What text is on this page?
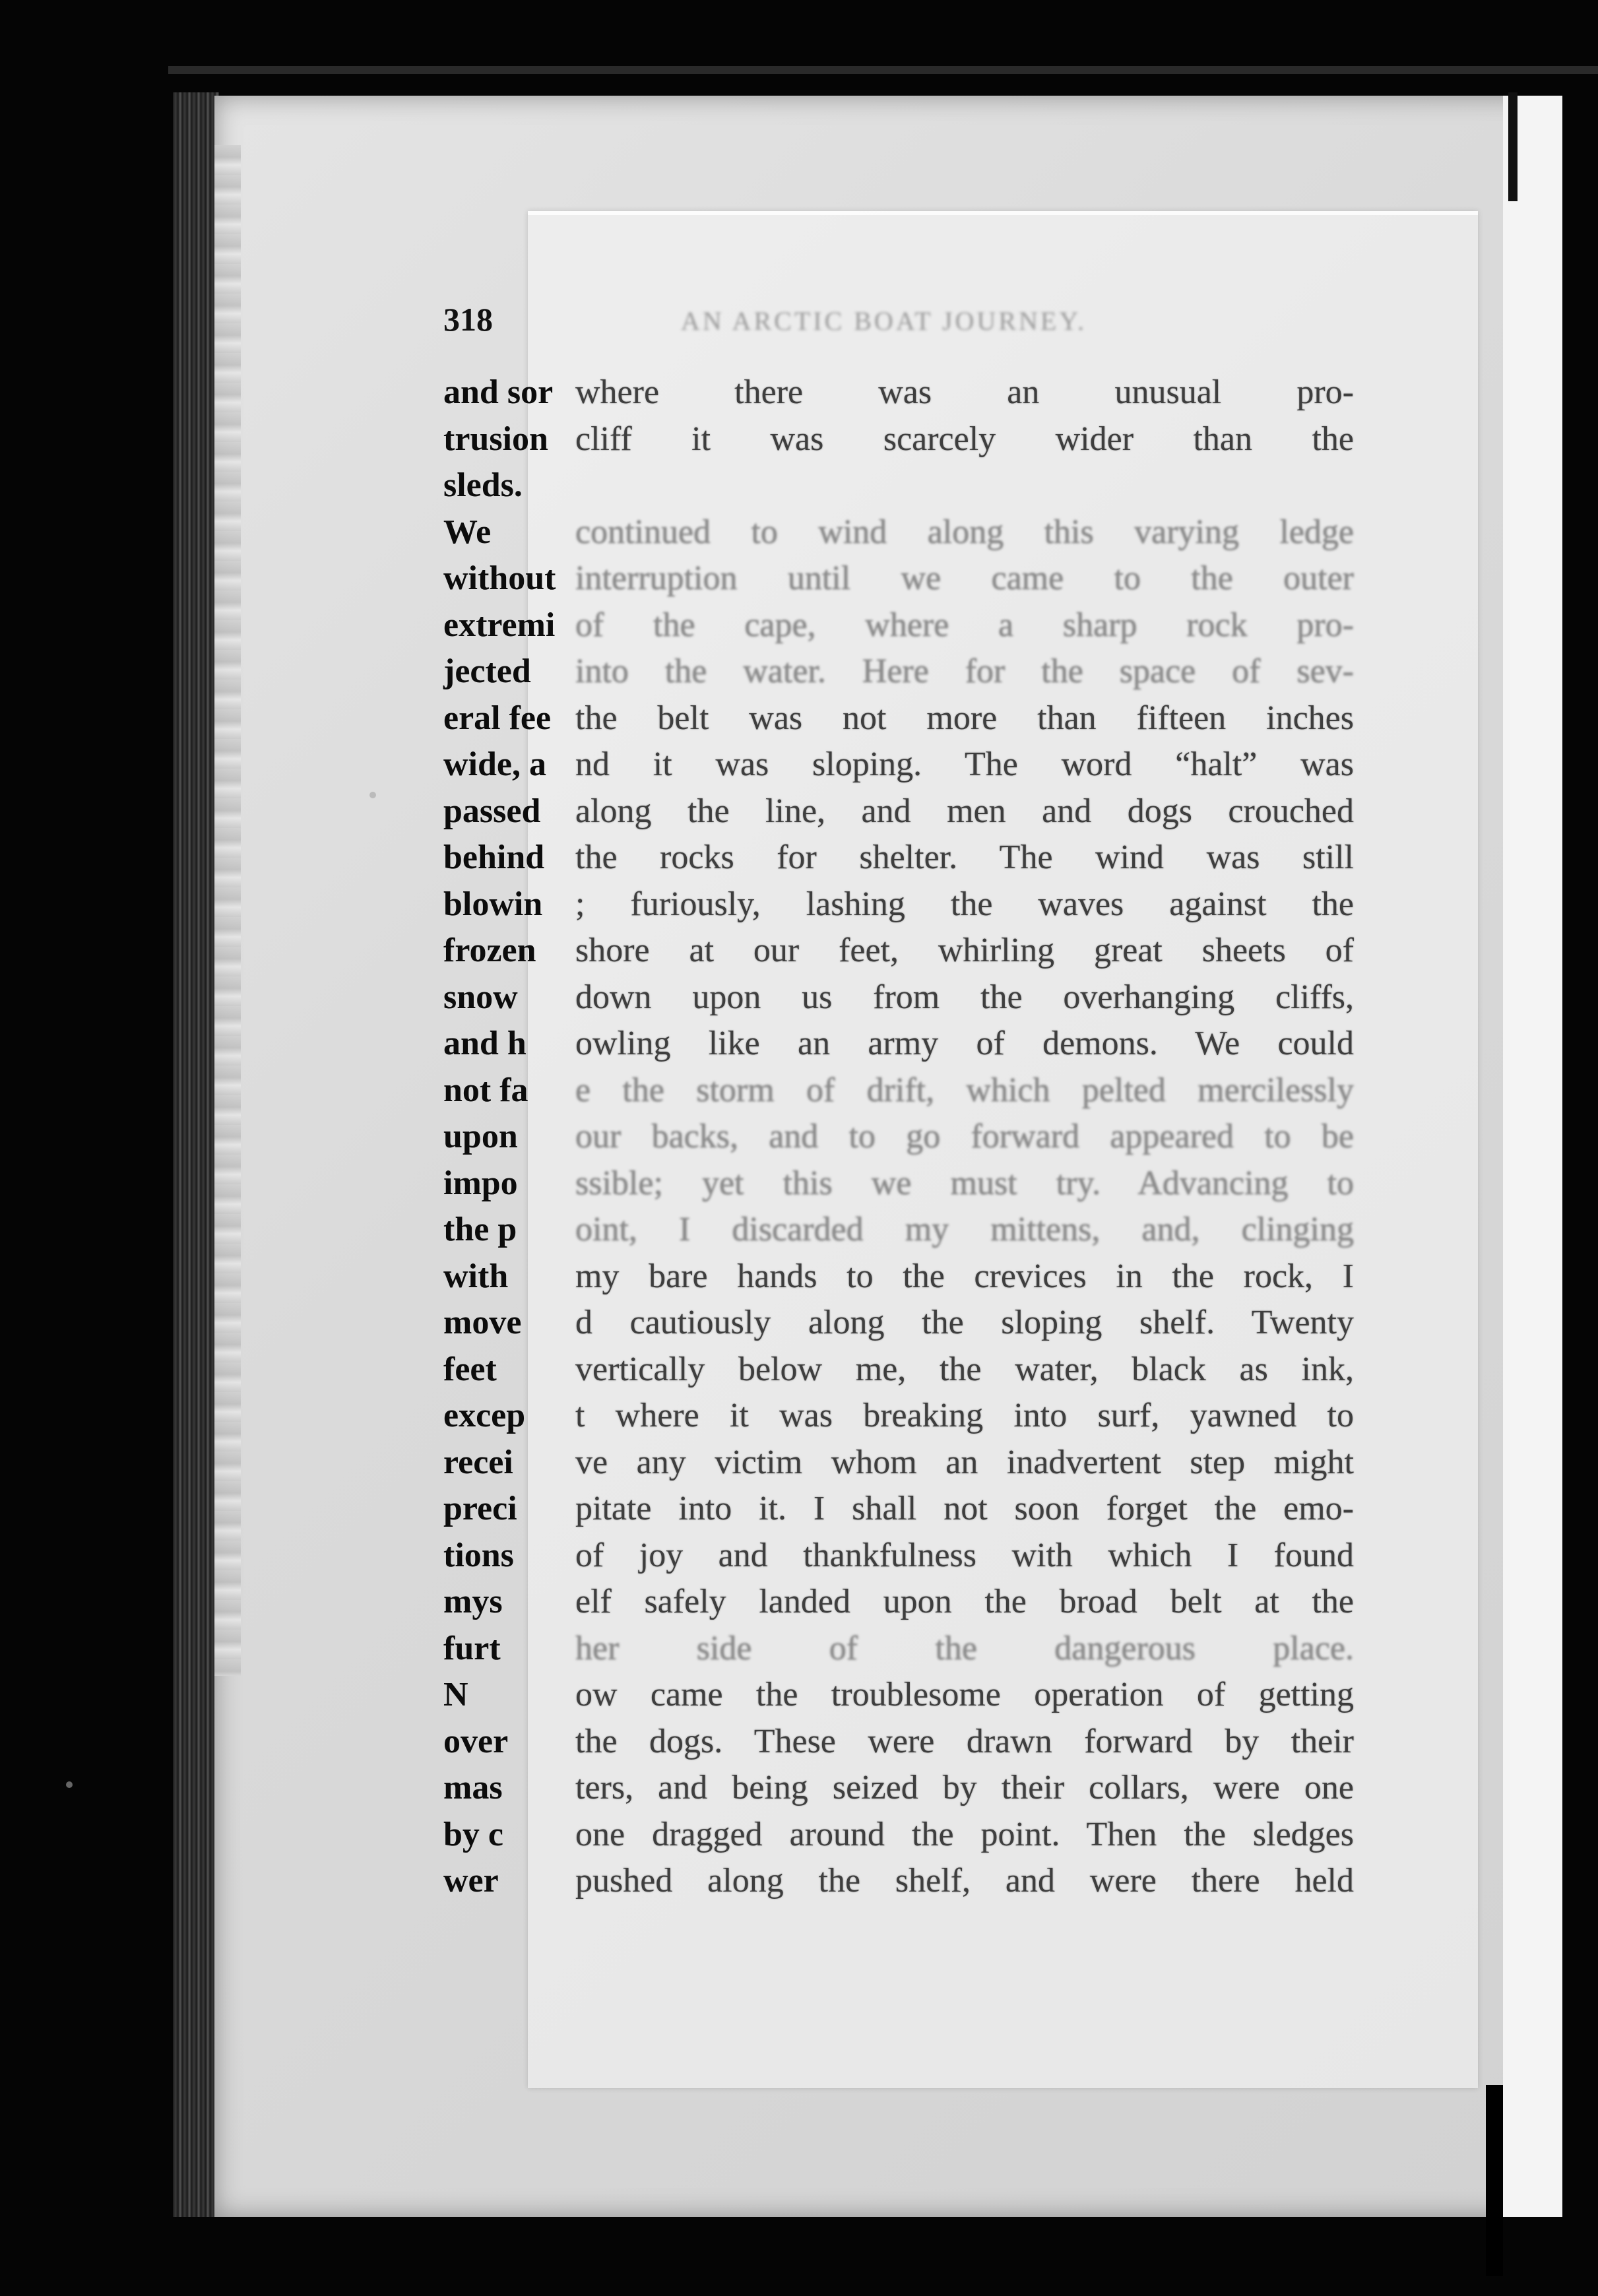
318	AN ARCTIC BOAT JOURNEY.
and sor where there was an unusual pro-
trusion cliff it was scarcely wider than the
sleds.
We continued to wind along this varying ledge
without interruption until we came to the outer
extremi of the cape, where a sharp rock pro-
jected into the water. Here for the space of sev-
eral fee the belt was not more than fifteen inches
wide, a nd it was sloping. The word “halt” was
passed along the line, and men and dogs crouched
behind the rocks for shelter. The wind was still
blowin ; furiously, lashing the waves against the
frozen shore at our feet, whirling great sheets of
snow down upon us from the overhanging cliffs,
and h owling like an army of demons. We could
not fa e the storm of drift, which pelted mercilessly
upon our backs, and to go forward appeared to be
impo ssible; yet this we must try. Advancing to
the p oint, I discarded my mittens, and, clinging
with my bare hands to the crevices in the rock, I
move d cautiously along the sloping shelf. Twenty
feet vertically below me, the water, black as ink,
excep t where it was breaking into surf, yawned to
recei ve any victim whom an inadvertent step might
preci pitate into it. I shall not soon forget the emo-
tions of joy and thankfulness with which I found
mys elf safely landed upon the broad belt at the
furt her side of the dangerous place.
N	ow came the troublesome operation of getting
over the dogs. These were drawn forward by their
mas ters, and being seized by their collars, were one
by c one dragged around the point. Then the sledges
wer pushed along the shelf, and were there held
